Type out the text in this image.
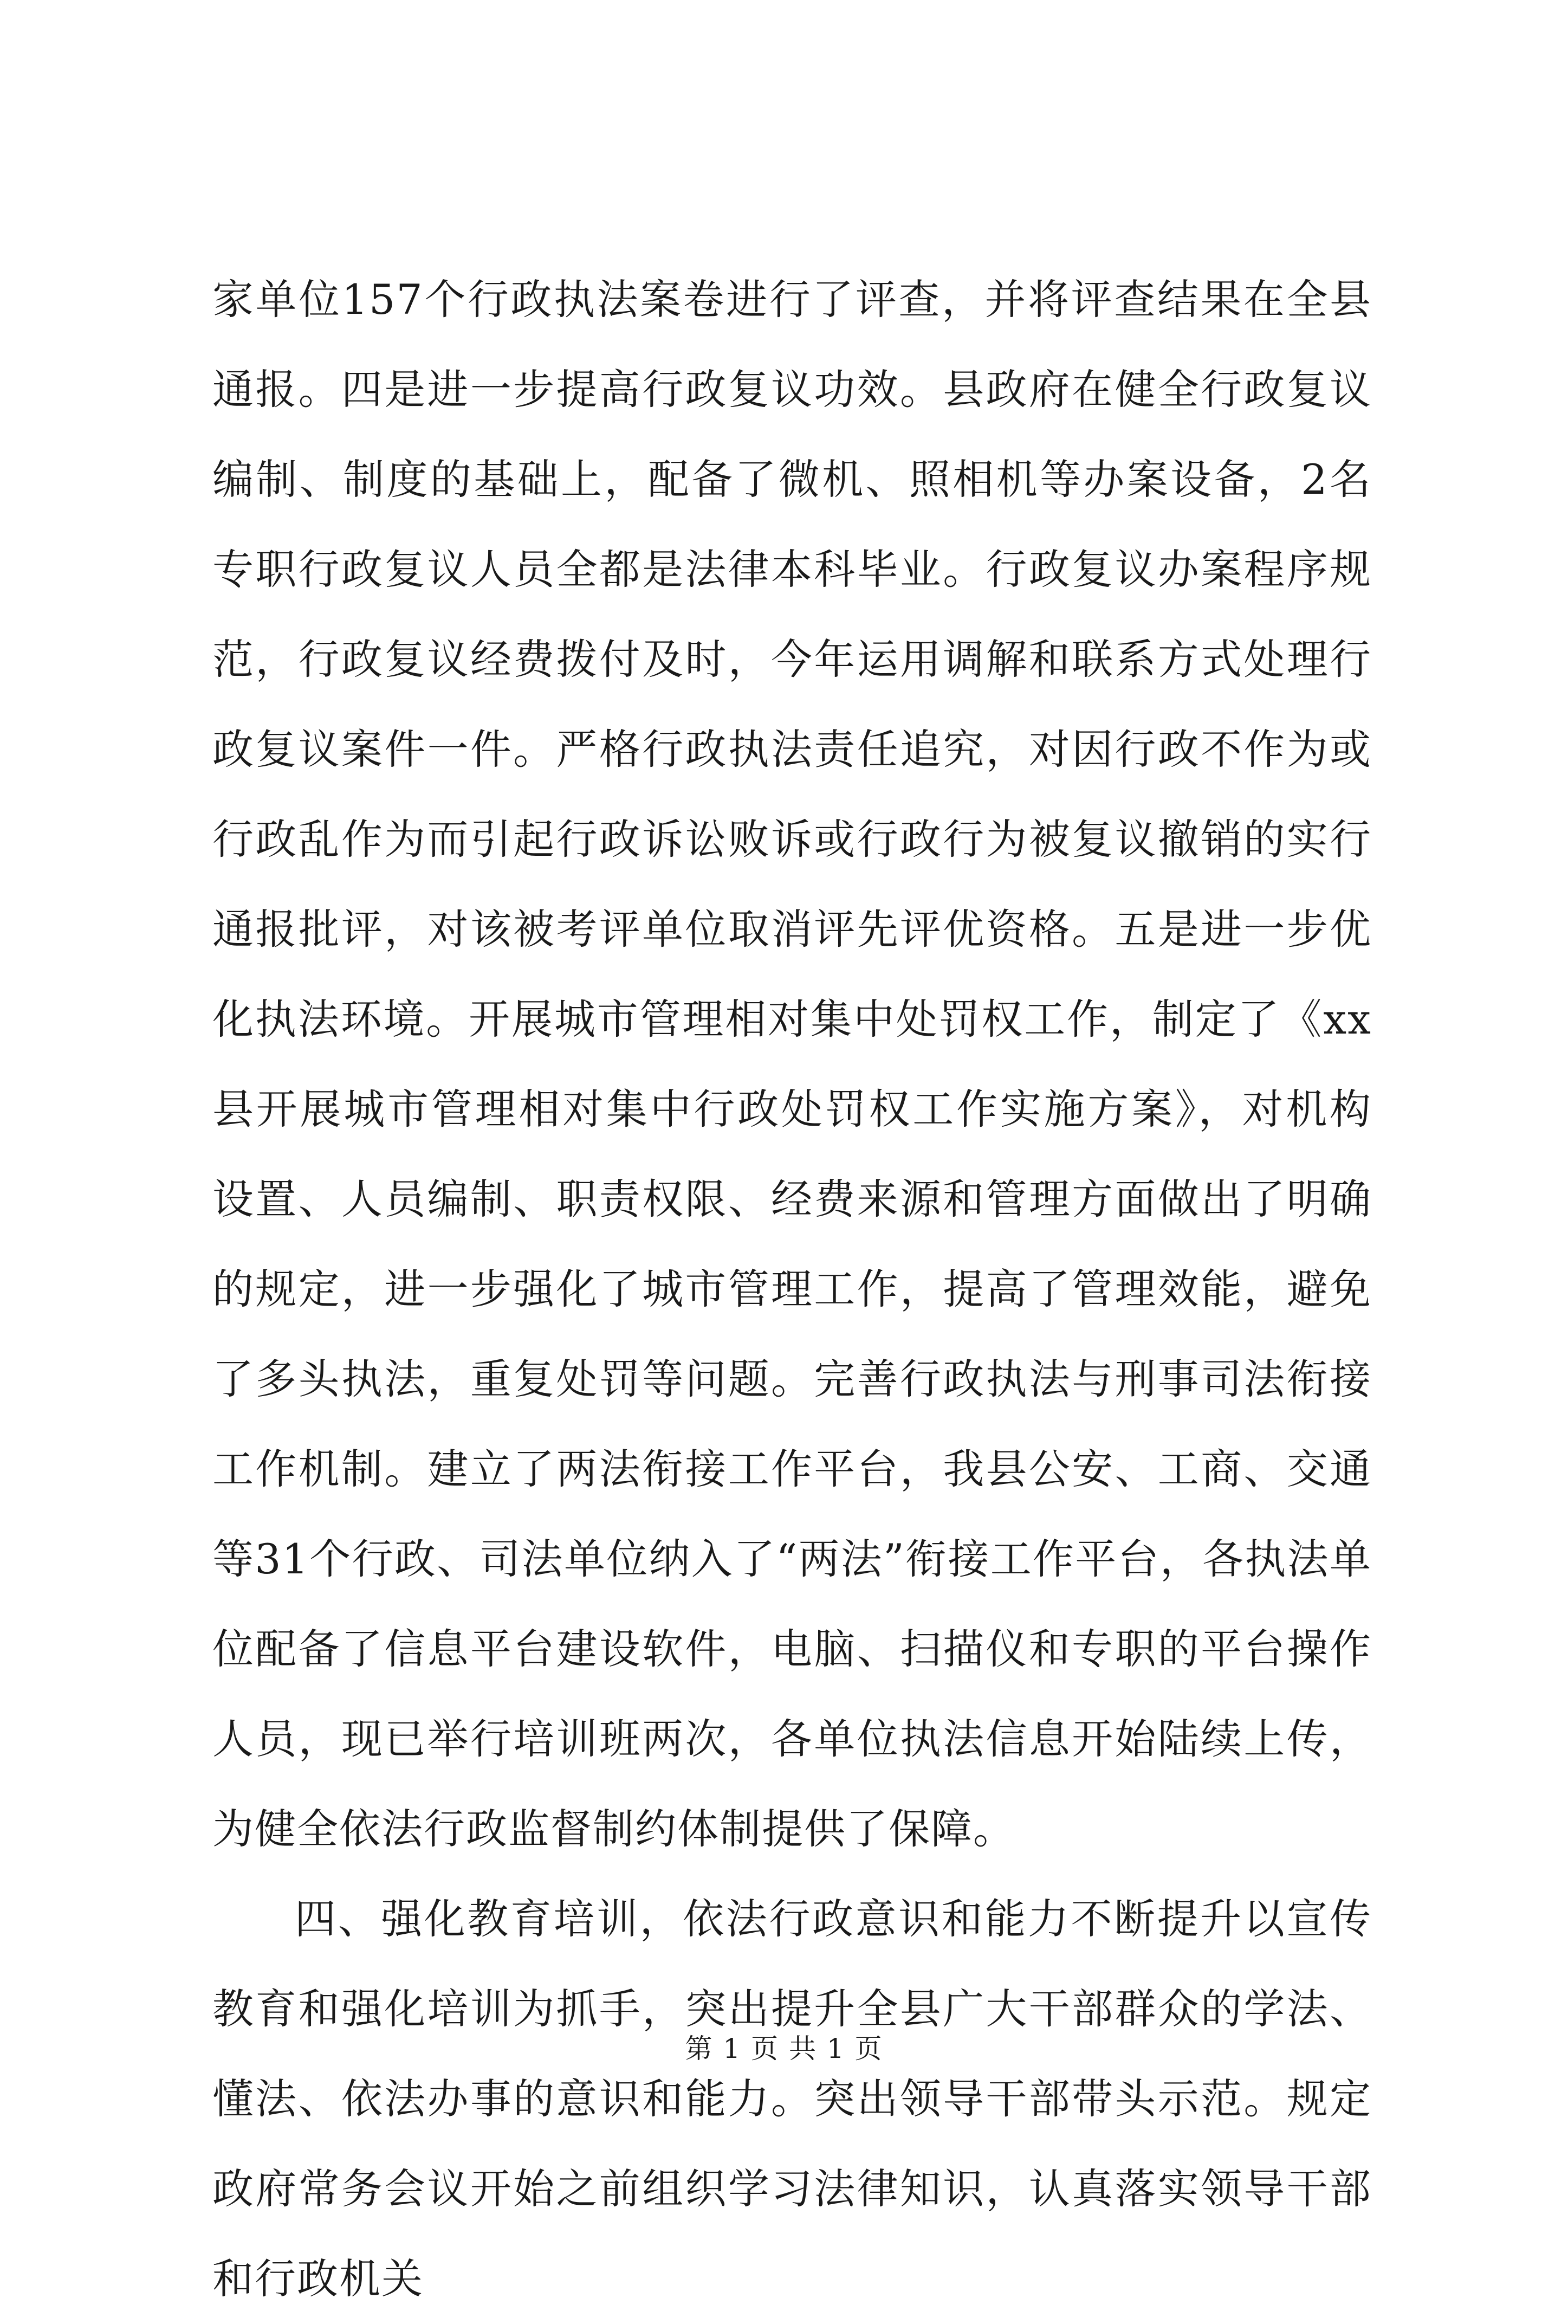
家单位157个行政执法案卷进行了评查，并将评查结果在全县通报。四是进一步提高行政复议功效。县政府在健全行政复议编制、制度的基础上，配备了微机、照相机等办案设备，2名专职行政复议人员全都是法律本科毕业。行政复议办案程序规范，行政复议经费拨付及时，今年运用调解和联系方式处理行政复议案件一件。严格行政执法责任追究，对因行政不作为或行政乱作为而引起行政诉讼败诉或行政行为被复议撤销的实行通报批评，对该被考评单位取消评先评优资格。五是进一步优化执法环境。开展城市管理相对集中处罚权工作，制定了《xx县开展城市管理相对集中行政处罚权工作实施方案》，对机构设置、人员编制、职责权限、经费来源和管理方面做出了明确的规定，进一步强化了城市管理工作，提高了管理效能，避免了多头执法，重复处罚等问题。完善行政执法与刑事司法衔接工作机制。建立了两法衔接工作平台，我县公安、工商、交通等31个行政、司法单位纳入了“两法”衔接工作平台，各执法单位配备了信息平台建设软件，电脑、扫描仪和专职的平台操作人员，现已举行培训班两次，各单位执法信息开始陆续上传，为健全依法行政监督制约体制提供了保障。

四、强化教育培训，依法行政意识和能力不断提升以宣传教育和强化培训为抓手，突出提升全县广大干部群众的学法、懂法、依法办事的意识和能力。突出领导干部带头示范。规定政府常务会议开始之前组织学习法律知识，认真落实领导干部和行政机关

第 1 页 共 1 页
